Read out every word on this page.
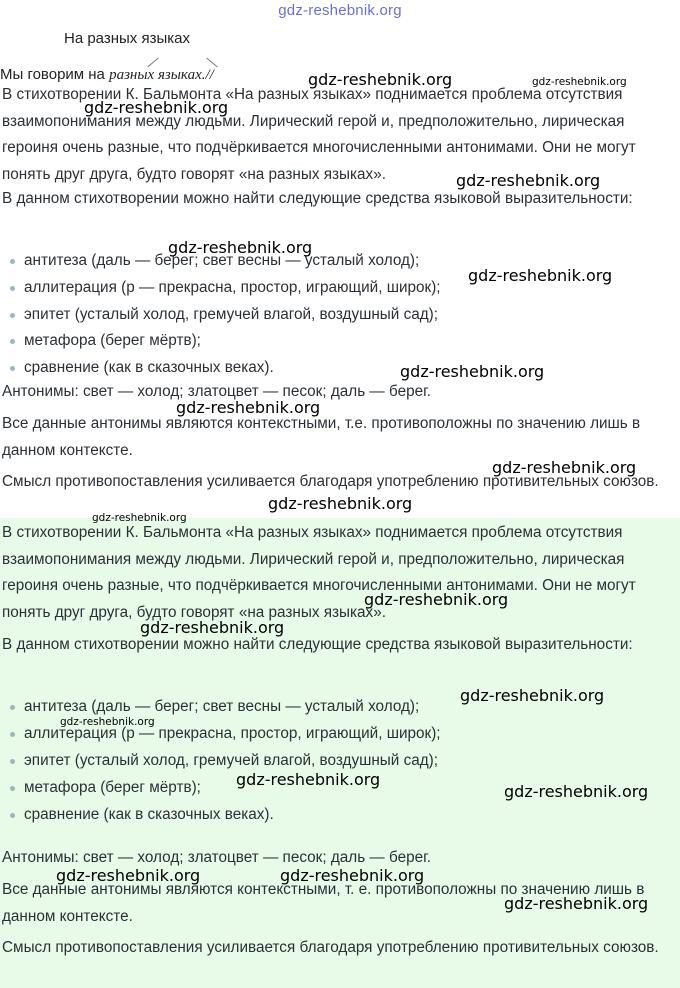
gdz-reshebnik.org
На разных языках
Мы говорим на разных языках.//

В стихотворении К. Бальмонта «На разных языках» поднимается проблема отсутствия взаимопонимания между людьми. Лирический герой и, предположительно, лирическая героиня очень разные, что подчёркивается многочисленными антонимами. Они не могут понять друг друга, будто говорят «на разных языках».

В данном стихотворении можно найти следующие средства языковой выразительности:

антитеза (даль — берег; свет весны — усталый холод);
аллитерация (р — прекрасна, простор, играющий, широк);
эпитет (усталый холод, гремучей влагой, воздушный сад);
метафора (берег мёртв);
сравнение (как в сказочных веках).

Антонимы: свет — холод; златоцвет — песок; даль — берег.

Все данные антонимы являются контекстными, т.е. противоположны по значению лишь в данном контексте.

Смысл противопоставления усиливается благодаря употреблению противительных союзов.

В стихотворении К. Бальмонта «На разных языках» поднимается проблема отсутствия взаимопонимания между людьми. Лирический герой и, предположительно, лирическая героиня очень разные, что подчёркивается многочисленными антонимами. Они не могут понять друг друга, будто говорят «на разных языках».

В данном стихотворении можно найти следующие средства языковой выразительности:

антитеза (даль — берег; свет весны — усталый холод);
аллитерация (р — прекрасна, простор, играющий, широк);
эпитет (усталый холод, гремучей влагой, воздушный сад);
метафора (берег мёртв);
сравнение (как в сказочных веках).

Антонимы: свет — холод; златоцвет — песок; даль — берег.

Все данные антонимы являются контекстными, т. е. противоположны по значению лишь в данном контексте.

Смысл противопоставления усиливается благодаря употреблению противительных союзов.

gdz-reshebnik.org	gdz-reshebnik.org
gdz-reshebnik.org
gdz-reshebnik.org
gdz-reshebnik.org
gdz-reshebnik.org
gdz-reshebnik.org
gdz-reshebnik.org
gdz-reshebnik.org
gdz-reshebnik.org
gdz-reshebnik.org
gdz-reshebnik.org
gdz-reshebnik.org
gdz-reshebnik.org
gdz-reshebnik.org
gdz-reshebnik.org
gdz-reshebnik.org
gdz-reshebnik.org	gdz-reshebnik.org
gdz-reshebnik.org
